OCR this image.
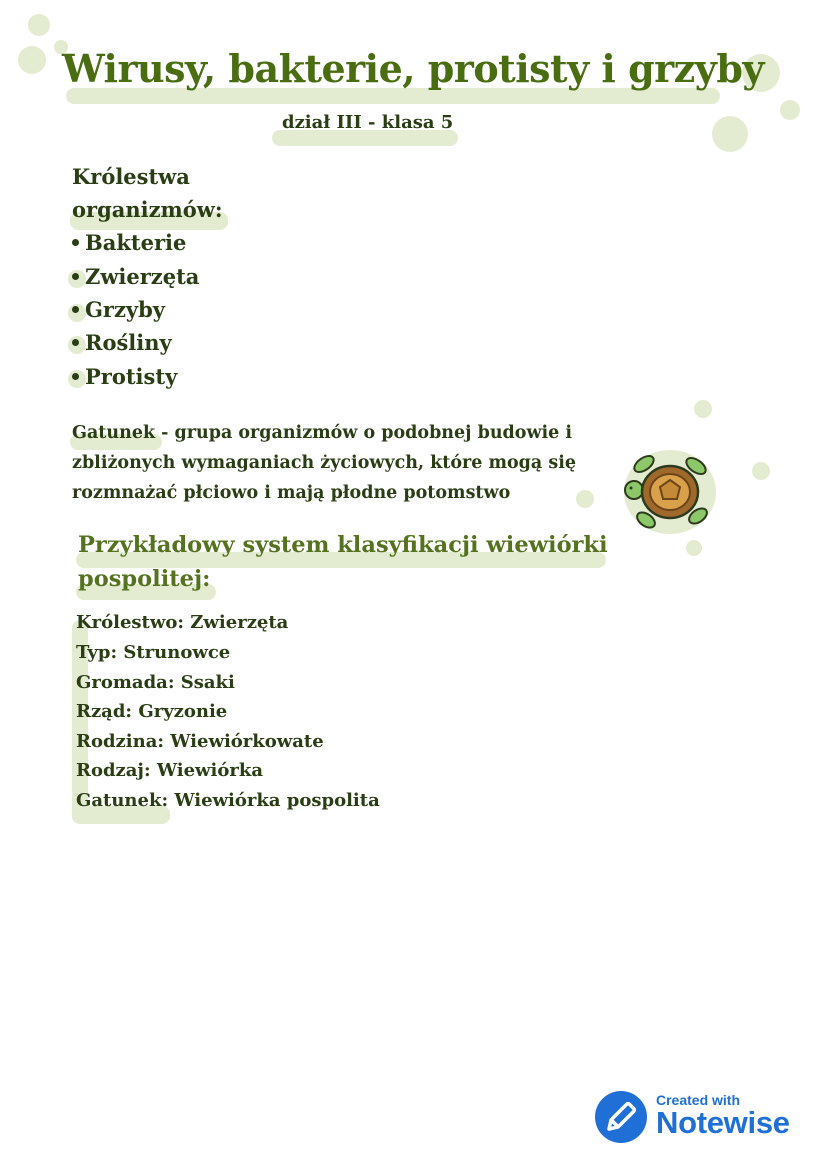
Wirusy, bakterie, protisty i grzyby
dział III - klasa 5
Królestwa
organizmów:
Bakterie
Zwierzęta
Grzyby
Rośliny
Protisty
Gatunek - grupa organizmów o podobnej budowie i
zbliżonych wymaganiach życiowych, które mogą się
rozmnażać płciowo i mają płodne potomstwo
Przykładowy system klasyfikacji wiewiórki
pospolitej:
Królestwo: Zwierzęta
Typ: Strunowce
Gromada: Ssaki
Rząd: Gryzonie
Rodzina: Wiewiórkowate
Rodzaj: Wiewiórka
Gatunek: Wiewiórka pospolita
Created with
Notewise
